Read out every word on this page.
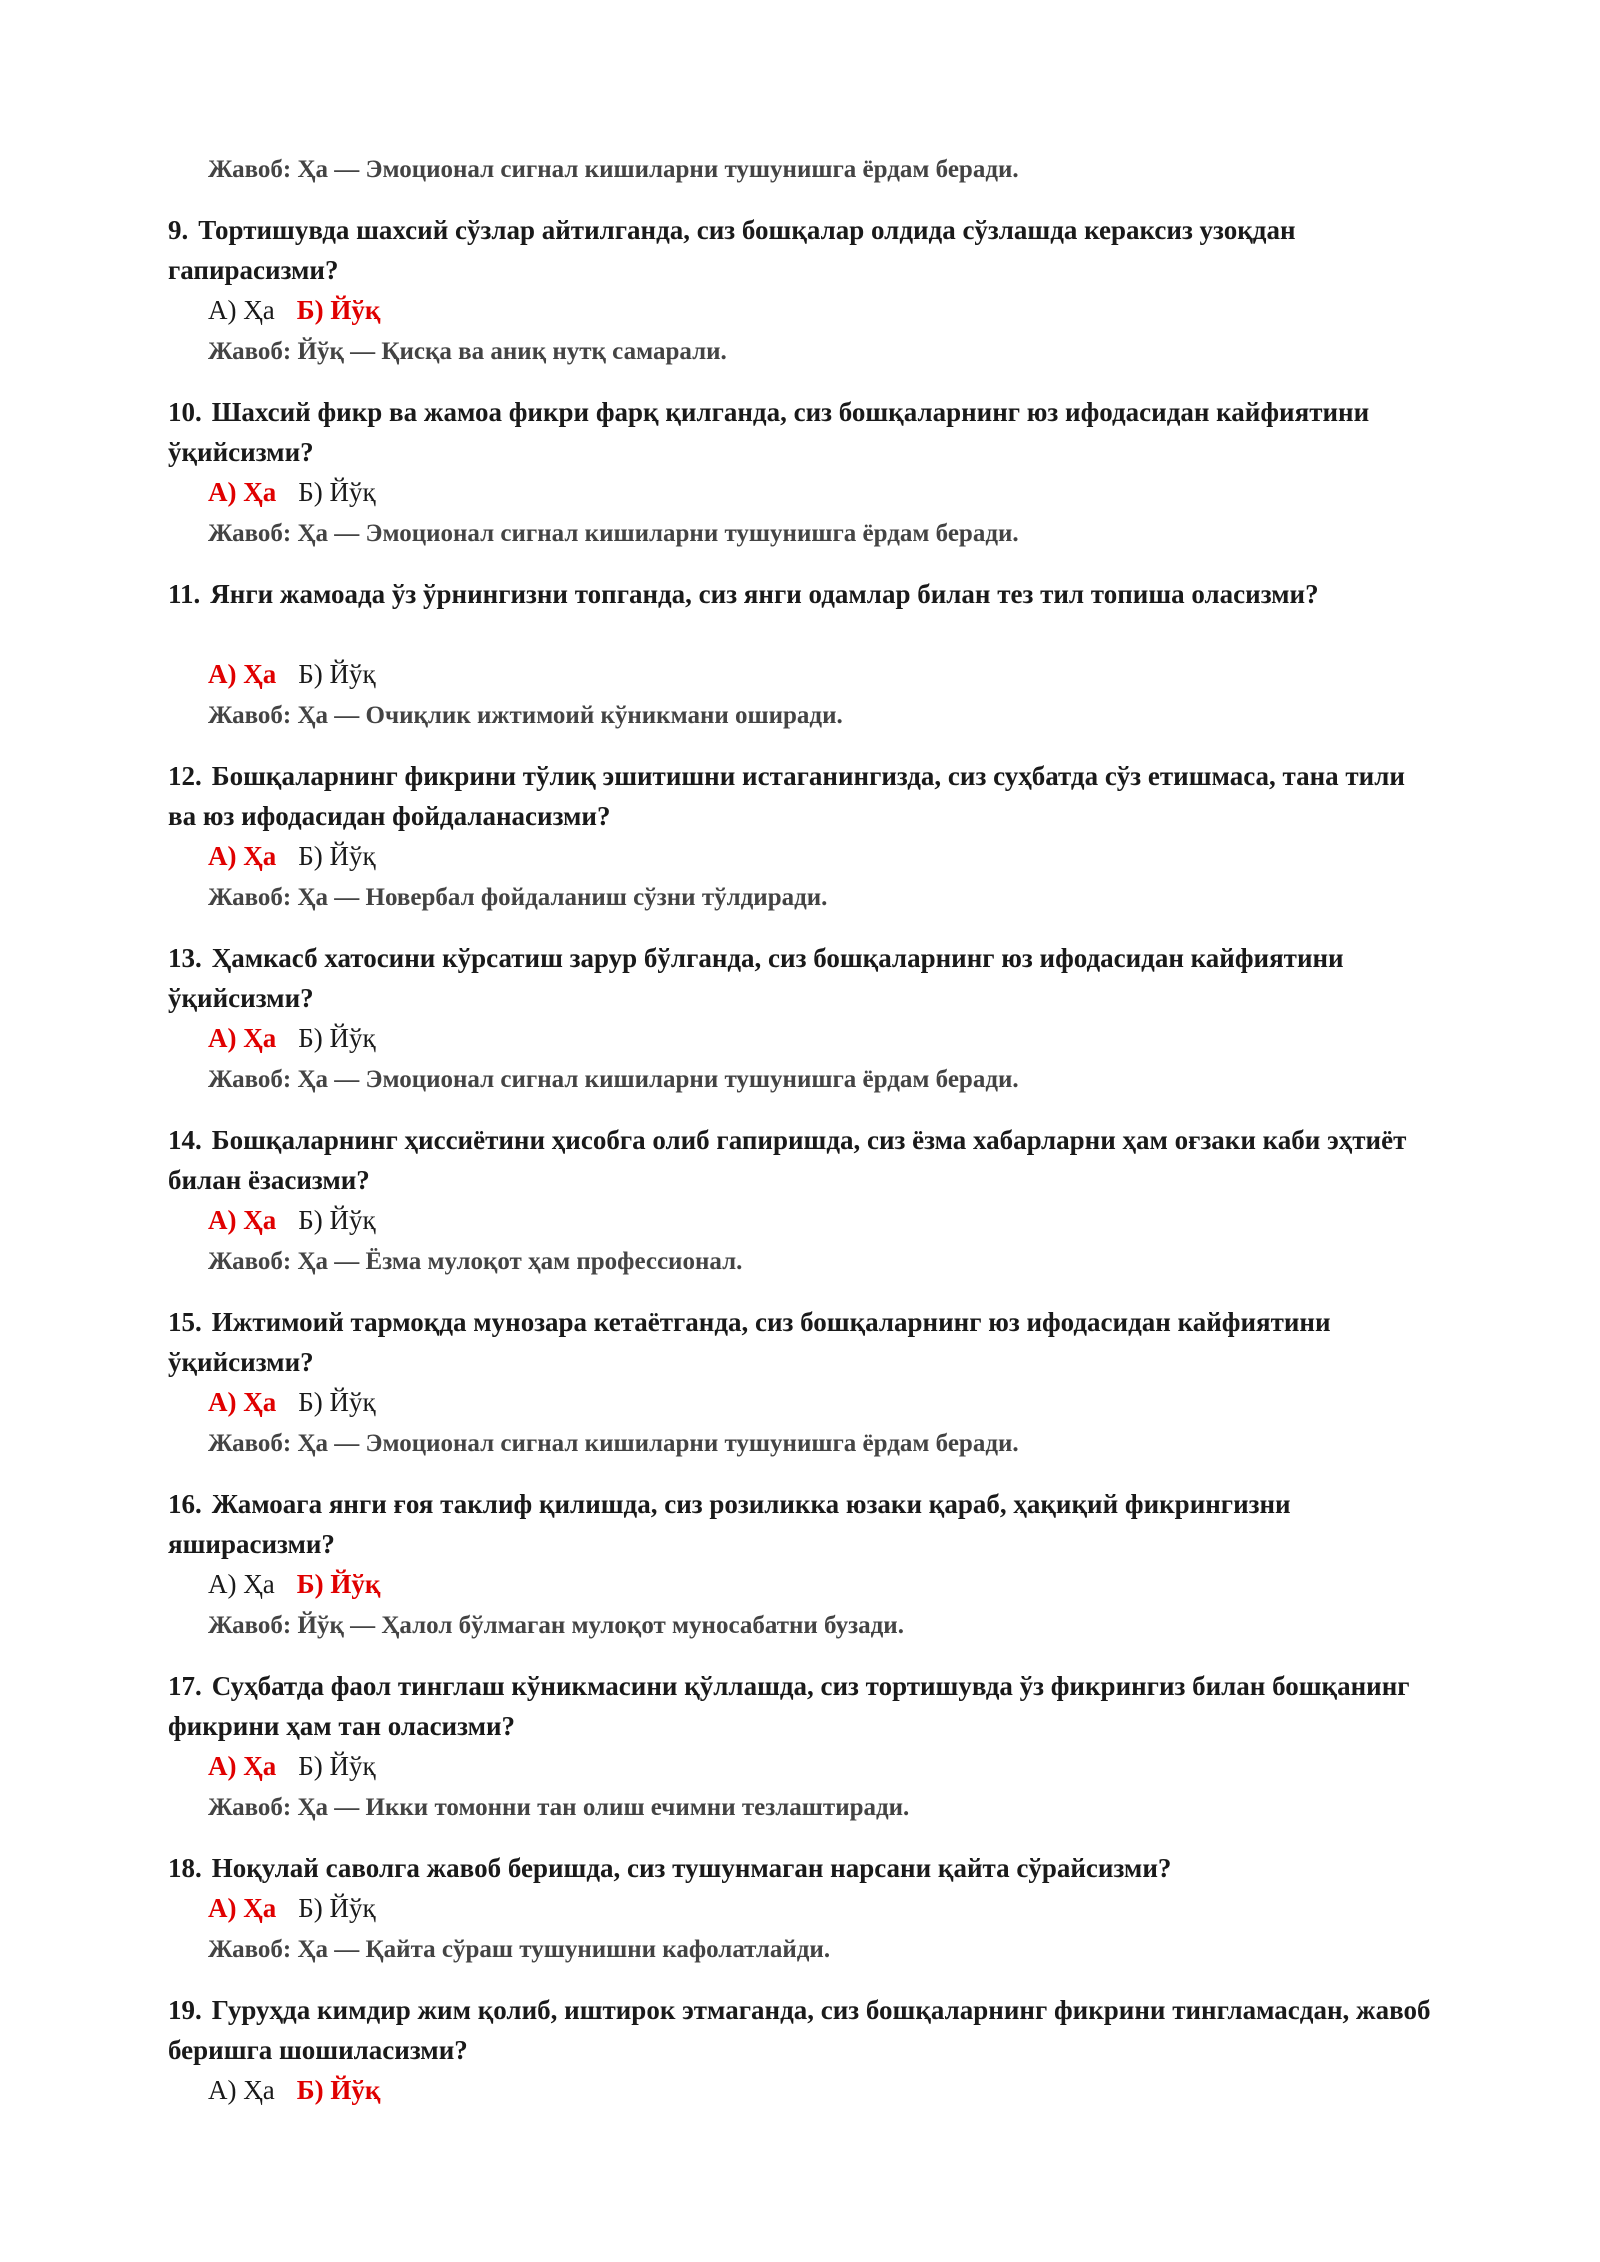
Жавоб: Ҳа — Эмоционал сигнал кишиларни тушунишга ёрдам беради.
9. Тортишувда шахсий сўзлар айтилганда, сиз бошқалар олдида сўзлашда кераксиз узоқдан гапирасизми?
А) Ҳа Б) Йўқ
Жавоб: Йўқ — Қисқа ва аниқ нутқ самарали.
10. Шахсий фикр ва жамоа фикри фарқ қилганда, сиз бошқаларнинг юз ифодасидан кайфиятини ўқийсизми?
А) Ҳа Б) Йўқ
Жавоб: Ҳа — Эмоционал сигнал кишиларни тушунишга ёрдам беради.
11. Янги жамоада ўз ўрнингизни топганда, сиз янги одамлар билан тез тил топиша оласизми?
А) Ҳа Б) Йўқ
Жавоб: Ҳа — Очиқлик ижтимоий кўникмани оширади.
12. Бошқаларнинг фикрини тўлиқ эшитишни истаганингизда, сиз суҳбатда сўз етишмаса, тана тили ва юз ифодасидан фойдаланасизми?
А) Ҳа Б) Йўқ
Жавоб: Ҳа — Новербал фойдаланиш сўзни тўлдиради.
13. Ҳамкасб хатосини кўрсатиш зарур бўлганда, сиз бошқаларнинг юз ифодасидан кайфиятини ўқийсизми?
А) Ҳа Б) Йўқ
Жавоб: Ҳа — Эмоционал сигнал кишиларни тушунишга ёрдам беради.
14. Бошқаларнинг ҳиссиётини ҳисобга олиб гапиришда, сиз ёзма хабарларни ҳам оғзаки каби эҳтиёт билан ёзасизми?
А) Ҳа Б) Йўқ
Жавоб: Ҳа — Ёзма мулоқот ҳам профессионал.
15. Ижтимоий тармоқда мунозара кетаётганда, сиз бошқаларнинг юз ифодасидан кайфиятини ўқийсизми?
А) Ҳа Б) Йўқ
Жавоб: Ҳа — Эмоционал сигнал кишиларни тушунишга ёрдам беради.
16. Жамоага янги ғоя таклиф қилишда, сиз розиликка юзаки қараб, ҳақиқий фикрингизни яширасизми?
А) Ҳа Б) Йўқ
Жавоб: Йўқ — Ҳалол бўлмаган мулоқот муносабатни бузади.
17. Суҳбатда фаол тинглаш кўникмасини қўллашда, сиз тортишувда ўз фикрингиз билан бошқанинг фикрини ҳам тан оласизми?
А) Ҳа Б) Йўқ
Жавоб: Ҳа — Икки томонни тан олиш ечимни тезлаштиради.
18. Ноқулай саволга жавоб беришда, сиз тушунмаган нарсани қайта сўрайсизми?
А) Ҳа Б) Йўқ
Жавоб: Ҳа — Қайта сўраш тушунишни кафолатлайди.
19. Гуруҳда кимдир жим қолиб, иштирок этмаганда, сиз бошқаларнинг фикрини тингламасдан, жавоб беришга шошиласизми?
А) Ҳа Б) Йўқ
